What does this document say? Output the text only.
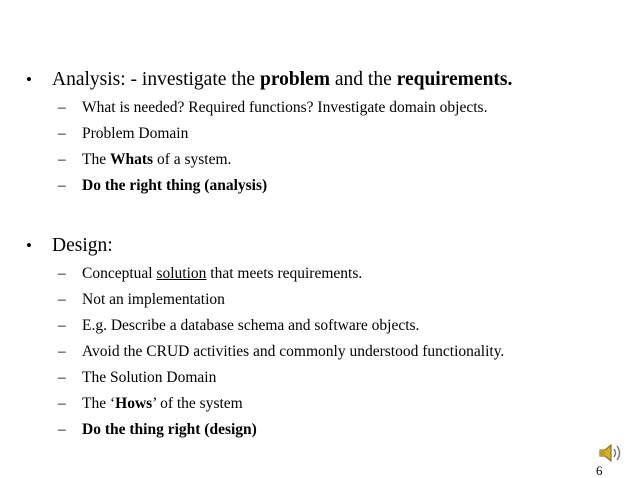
• Analysis: - investigate the problem and the requirements.
– What is needed? Required functions? Investigate domain objects.
– Problem Domain
– The Whats of a system.
– Do the right thing (analysis)
• Design:
– Conceptual solution that meets requirements.
– Not an implementation
– E.g. Describe a database schema and software objects.
– Avoid the CRUD activities and commonly understood functionality.
– The Solution Domain
– The ‘Hows’ of the system
– Do the thing right (design)
6
